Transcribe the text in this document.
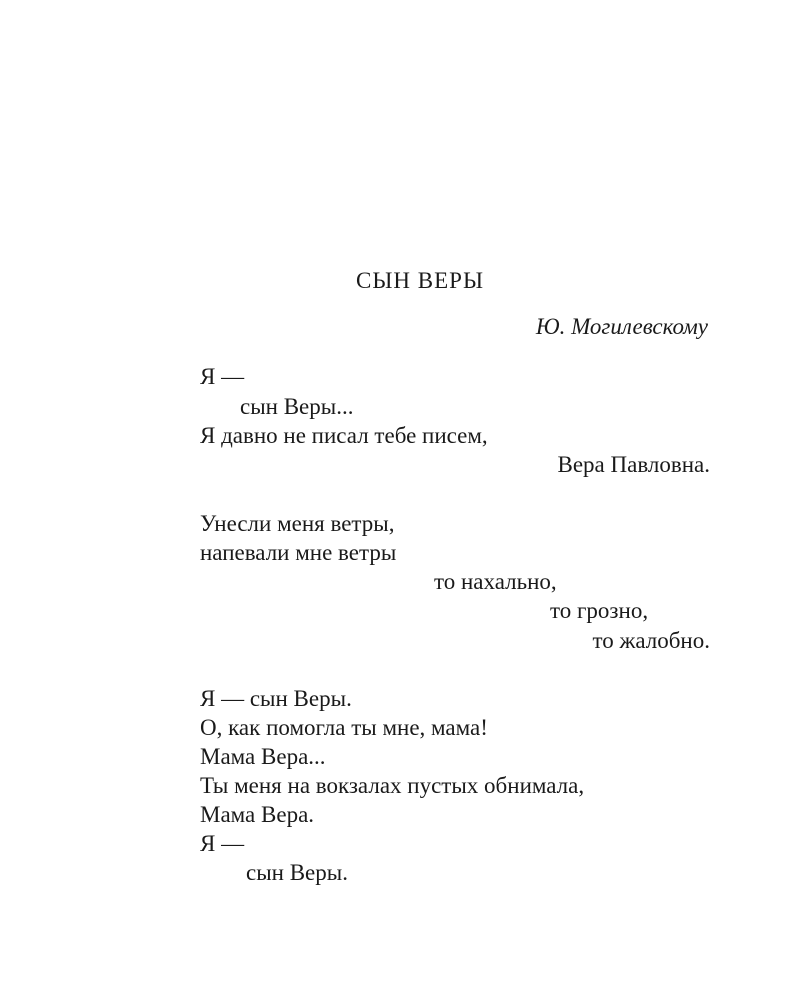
СЫН ВЕРЫ
Ю. Могилевскому
Я —
сын Веры...
Я давно не писал тебе писем,
Вера Павловна.
Унесли меня ветры,
напевали мне ветры
то нахально,
то грозно,
то жалобно.
Я — сын Веры.
О, как помогла ты мне, мама!
Мама Вера...
Ты меня на вокзалах пустых обнимала,
Мама Вера.
Я —
сын Веры.
